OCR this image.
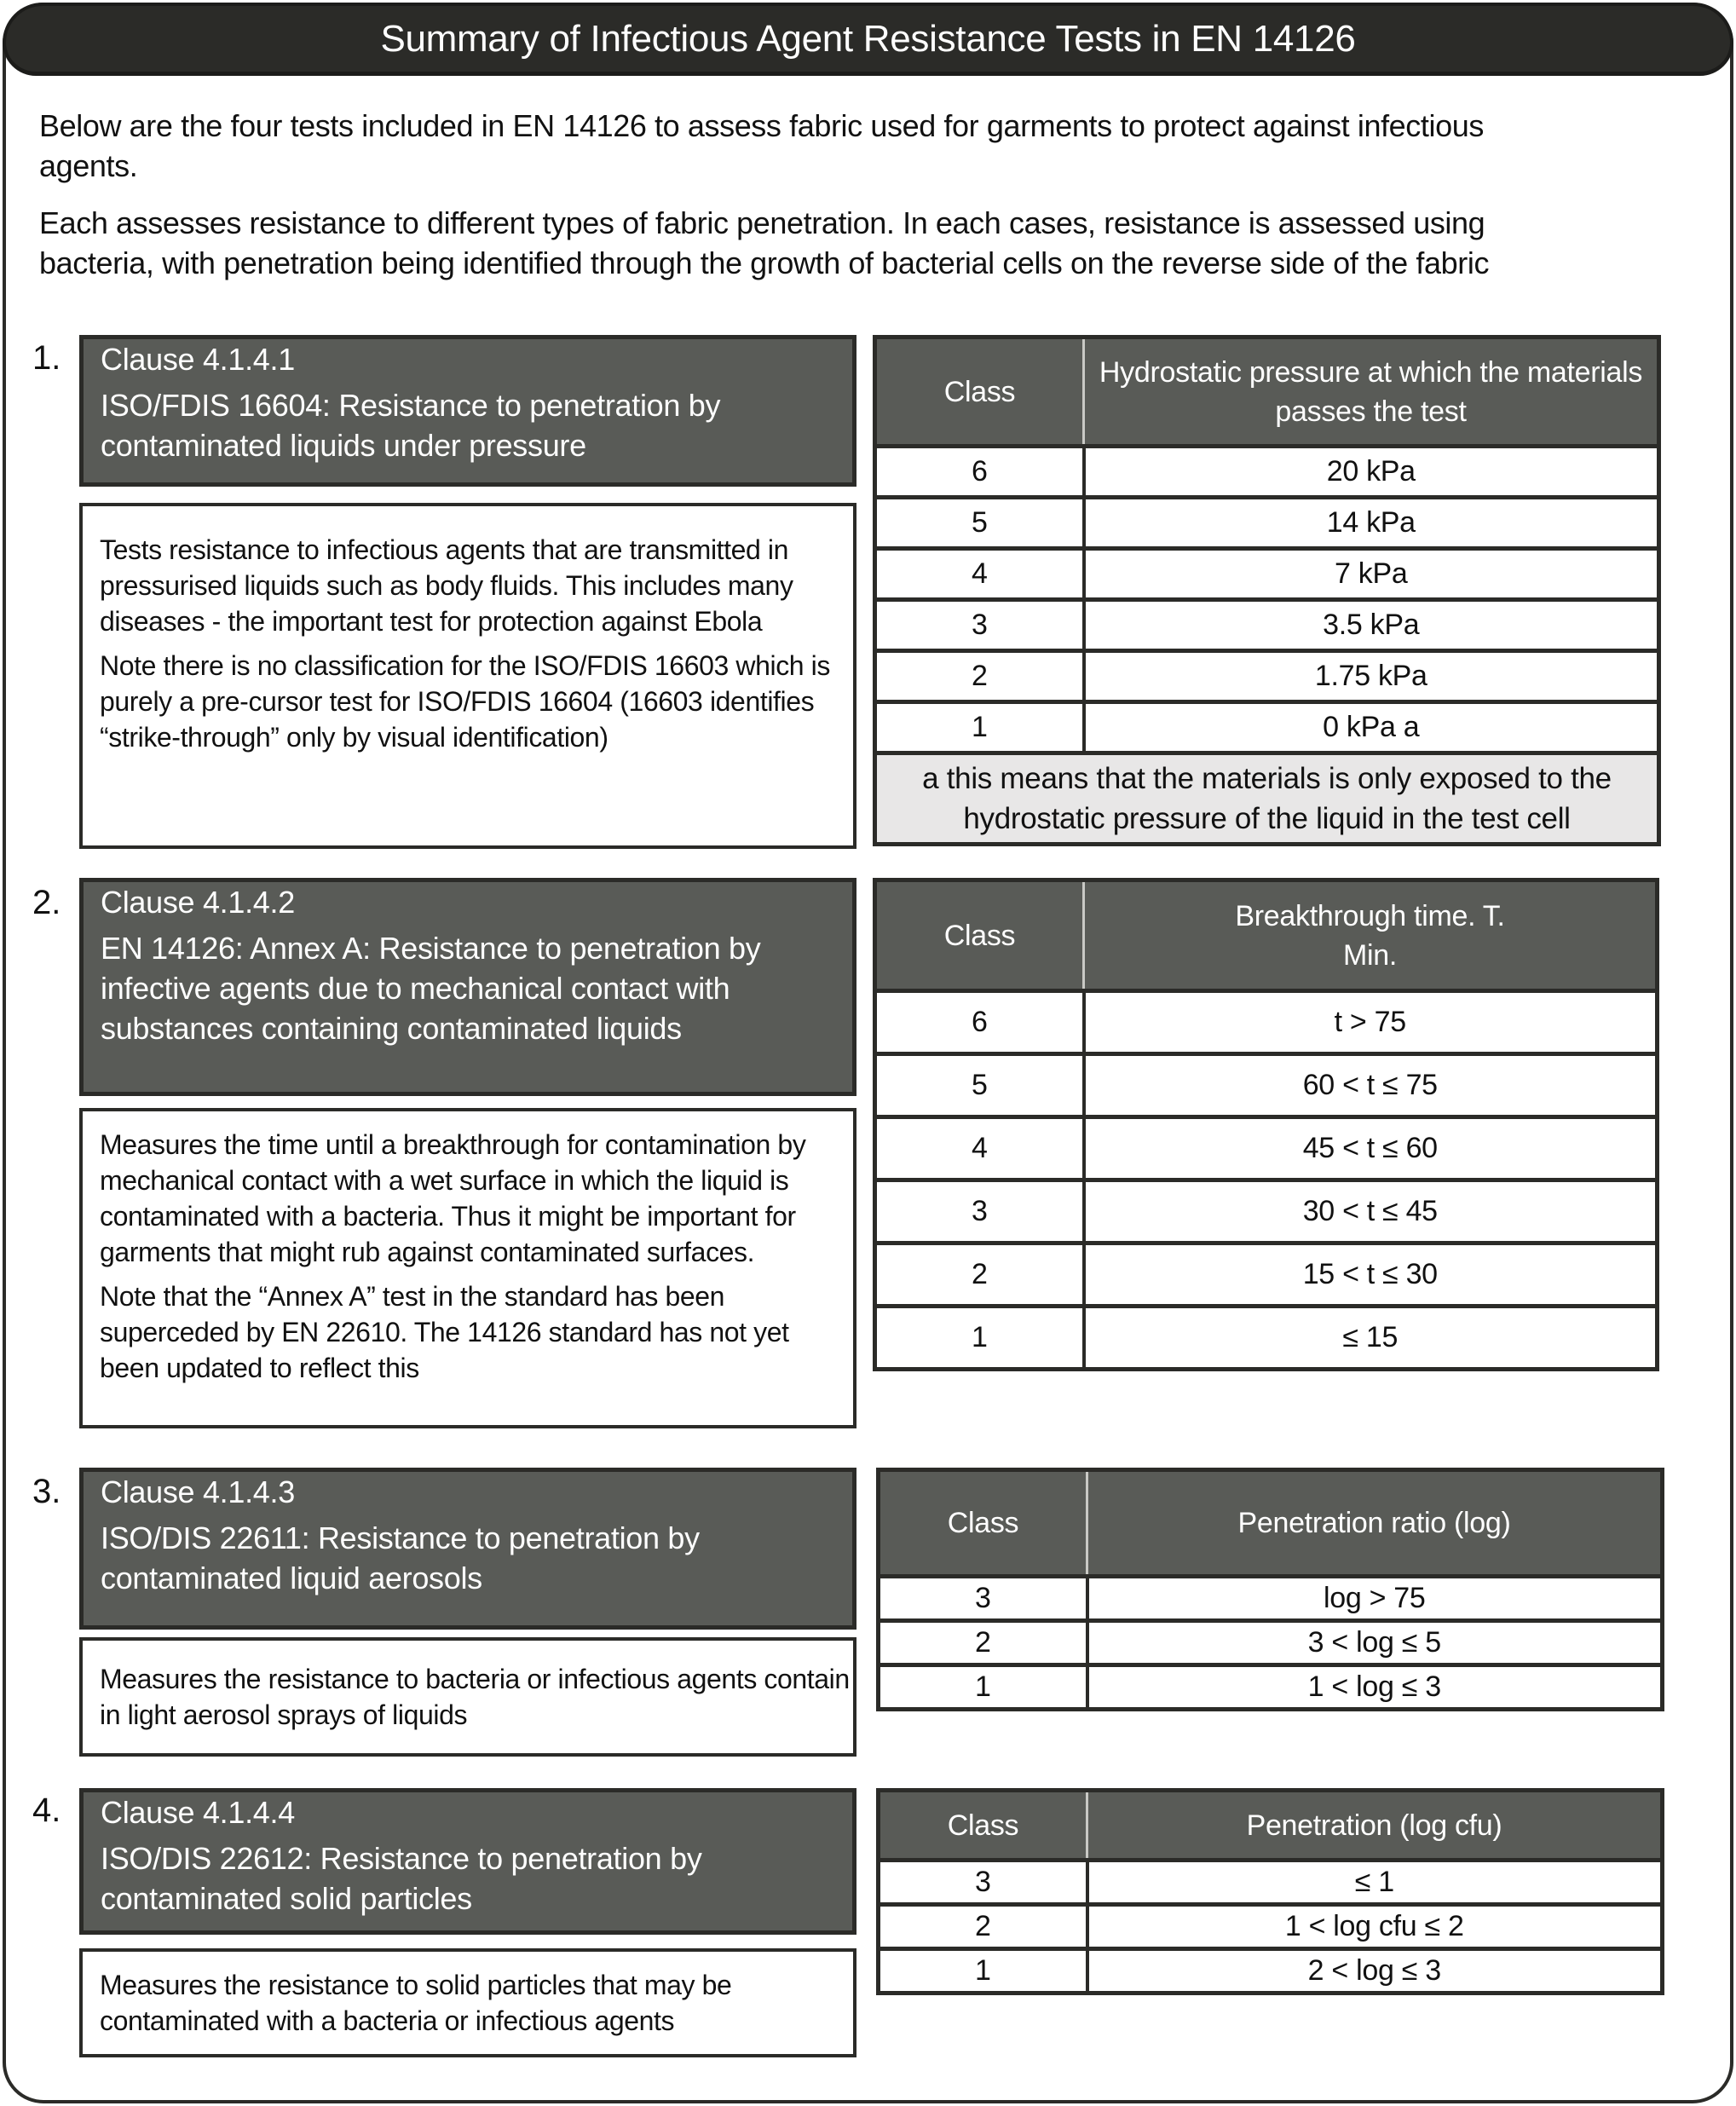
Summary of Infectious Agent Resistance Tests in EN 14126
Below are the four tests included in EN 14126 to assess fabric used for garments to protect against infectious
agents.
Each assesses resistance to different types of fabric penetration. In each cases, resistance is assessed using
bacteria, with penetration being identified through the growth of bacterial cells on the reverse side of the fabric
1. Clause 4.1.4.1
ISO/FDIS 16604: Resistance to penetration by contaminated liquids under pressure

Tests resistance to infectious agents that are transmitted in pressurised liquids such as body fluids. This includes many diseases - the important test for protection against Ebola

Note there is no classification for the ISO/FDIS 16603 which is purely a pre-cursor test for ISO/FDIS 16604 (16603 identifies “strike-through” only by visual identification)

Class	Hydrostatic pressure at which the materials passes the test
6	20 kPa
5	14 kPa
4	7 kPa
3	3.5 kPa
2	1.75 kPa
1	0 kPa a
a this means that the materials is only exposed to the hydrostatic pressure of the liquid in the test cell	
2. Clause 4.1.4.2
EN 14126: Annex A: Resistance to penetration by infective agents due to mechanical contact with substances containing contaminated liquids

Measures the time until a breakthrough for contamination by mechanical contact with a wet surface in which the liquid is contaminated with a bacteria. Thus it might be important for garments that might rub against contaminated surfaces.

Note that the “Annex A” test in the standard has been superceded by EN 22610. The 14126 standard has not yet been updated to reflect this

Class	Breakthrough time. T.
Min.

6	t > 75
5	60 < t ≤ 75
4	45 < t ≤ 60
3	30 < t ≤ 45
2	15 < t ≤ 30
1	≤ 15
3. Clause 4.1.4.3
ISO/DIS 22611: Resistance to penetration by contaminated liquid aerosols

Measures the resistance to bacteria or infectious agents contain in light aerosol sprays of liquids

Class	Penetration ratio (log)
3	log > 75
2	3 < log ≤ 5
1	1 < log ≤ 3
4. Clause 4.1.4.4
ISO/DIS 22612: Resistance to penetration by contaminated solid particles

Measures the resistance to solid particles that may be contaminated with a bacteria or infectious agents

Class	Penetration (log cfu)
3	≤ 1
2	1 < log cfu ≤ 2
1	2 < log ≤ 3
